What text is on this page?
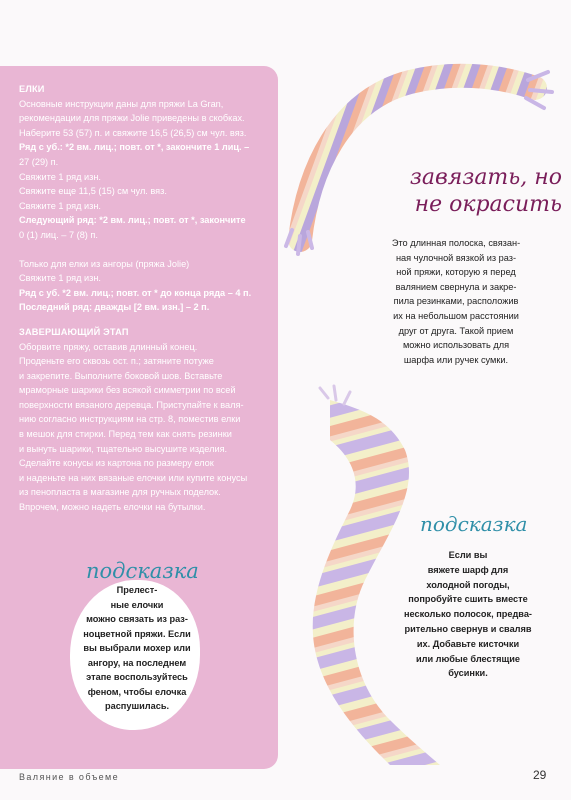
ЕЛКИ
Основные инструкции даны для пряжи La Gran,
рекомендации для пряжи Jolie приведены в скобках.
Наберите 53 (57) п. и свяжите 16,5 (26,5) см чул. вяз.
Ряд с уб.: *2 вм. лиц.; повт. от *, закончите 1 лиц. –
27 (29) п.
Свяжите 1 ряд изн.
Свяжите еще 11,5 (15) см чул. вяз.
Свяжите 1 ряд изн.
Следующий ряд: *2 вм. лиц.; повт. от *, закончите
0 (1) лиц. – 7 (8) п.
Только для елки из ангоры (пряжа Jolie)
Свяжите 1 ряд изн.
Ряд с уб. *2 вм. лиц.; повт. от * до конца ряда – 4 п.
Последний ряд: дважды [2 вм. изн.] – 2 п.
ЗАВЕРШАЮЩИЙ ЭТАП
Оборвите пряжу, оставив длинный конец.
Проденьте его сквозь ост. п.; затяните потуже
и закрепите. Выполните боковой шов. Вставьте
мраморные шарики без всякой симметрии по всей
поверхности вязаного деревца. Приступайте к валя-
нию согласно инструкциям на стр. 8, поместив елки
в мешок для стирки. Перед тем как снять резинки
и вынуть шарики, тщательно высушите изделия.
Сделайте конусы из картона по размеру елок
и наденьте на них вязаные елочки или купите конусы
из пенопласта в магазине для ручных поделок.
Впрочем, можно надеть елочки на бутылки.
подсказка
Прелест-
ные елочки
можно связать из раз-
ноцветной пряжи. Если
вы выбрали мохер или
ангору, на последнем
этапе воспользуйтесь
феном, чтобы елочка
распушилась.
завязать, но
не окрасить
Это длинная полоска, связан-
ная чулочной вязкой из раз-
ной пряжи, которую я перед
валянием свернула и закре-
пила резинками, расположив
их на небольшом расстоянии
друг от друга. Такой прием
можно использовать для
шарфа или ручек сумки.
подсказка
Если вы
вяжете шарф для
холодной погоды,
попробуйте сшить вместе
несколько полосок, предва-
рительно свернув и сваляв
их. Добавьте кисточки
или любые блестящие
бусинки.
Валяние в объеме	29
